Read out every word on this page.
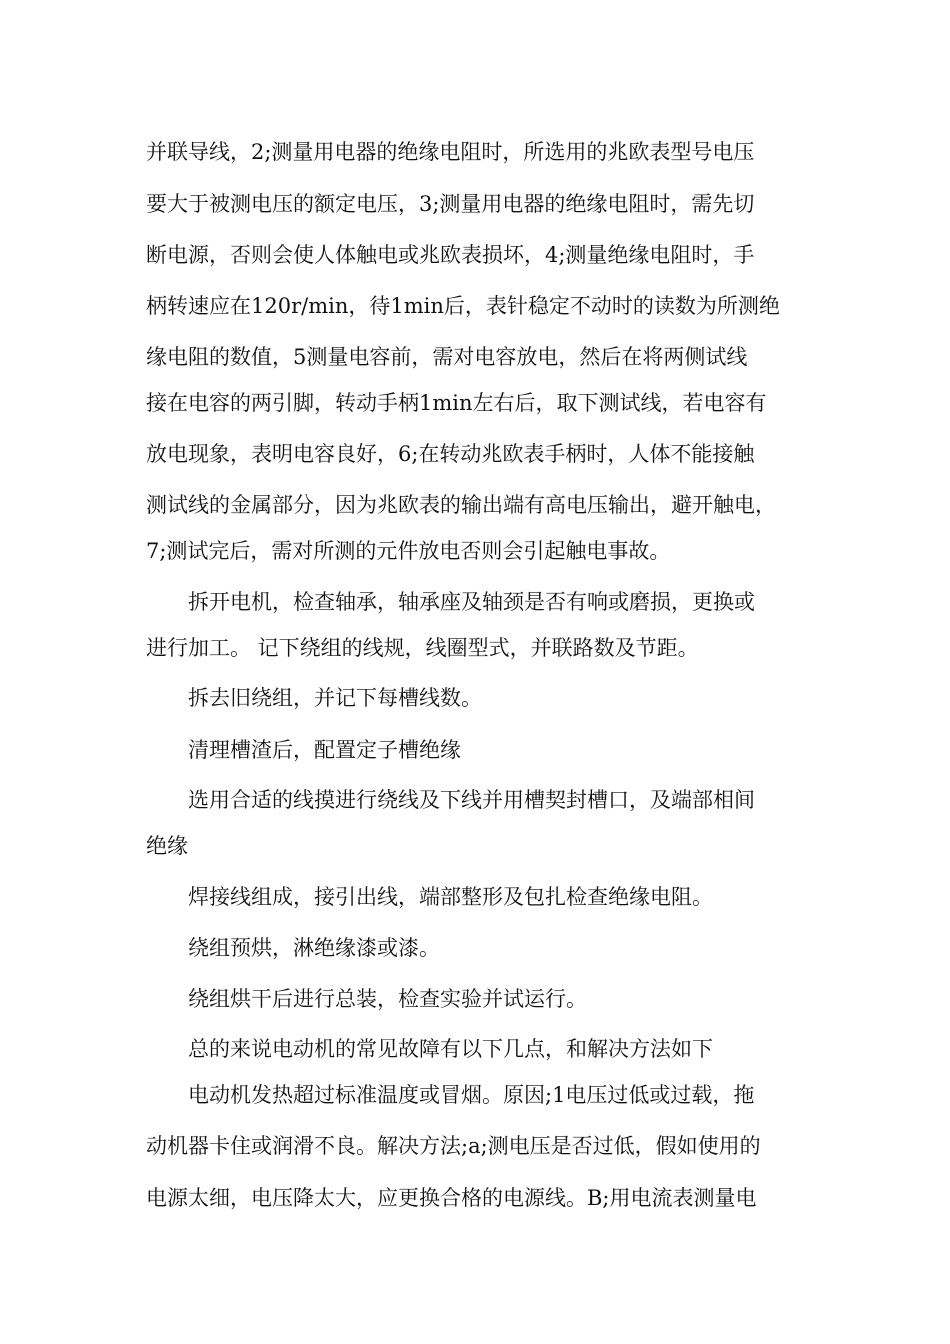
并联导线，2;测量用电器的绝缘电阻时，所选用的兆欧表型号电压

要大于被测电压的额定电压，3;测量用电器的绝缘电阻时，需先切

断电源，否则会使人体触电或兆欧表损坏，4;测量绝缘电阻时，手

柄转速应在120r/min，待1min后，表针稳定不动时的读数为所测绝

缘电阻的数值，5测量电容前，需对电容放电，然后在将两侧试线

接在电容的两引脚，转动手柄1min左右后，取下测试线，若电容有

放电现象，表明电容良好，6;在转动兆欧表手柄时，人体不能接触

测试线的金属部分，因为兆欧表的输出端有高电压输出，避开触电，

7;测试完后，需对所测的元件放电否则会引起触电事故。

拆开电机，检查轴承，轴承座及轴颈是否有响或磨损，更换或

进行加工。 记下绕组的线规，线圈型式，并联路数及节距。

拆去旧绕组，并记下每槽线数。

清理槽渣后，配置定子槽绝缘

选用合适的线摸进行绕线及下线并用槽契封槽口，及端部相间

绝缘

焊接线组成，接引出线，端部整形及包扎检查绝缘电阻。

绕组预烘，淋绝缘漆或漆。

绕组烘干后进行总装，检查实验并试运行。

总的来说电动机的常见故障有以下几点，和解决方法如下

电动机发热超过标准温度或冒烟。原因;1电压过低或过载，拖

动机器卡住或润滑不良。解决方法;a;测电压是否过低，假如使用的

电源太细，电压降太大，应更换合格的电源线。B;用电流表测量电
